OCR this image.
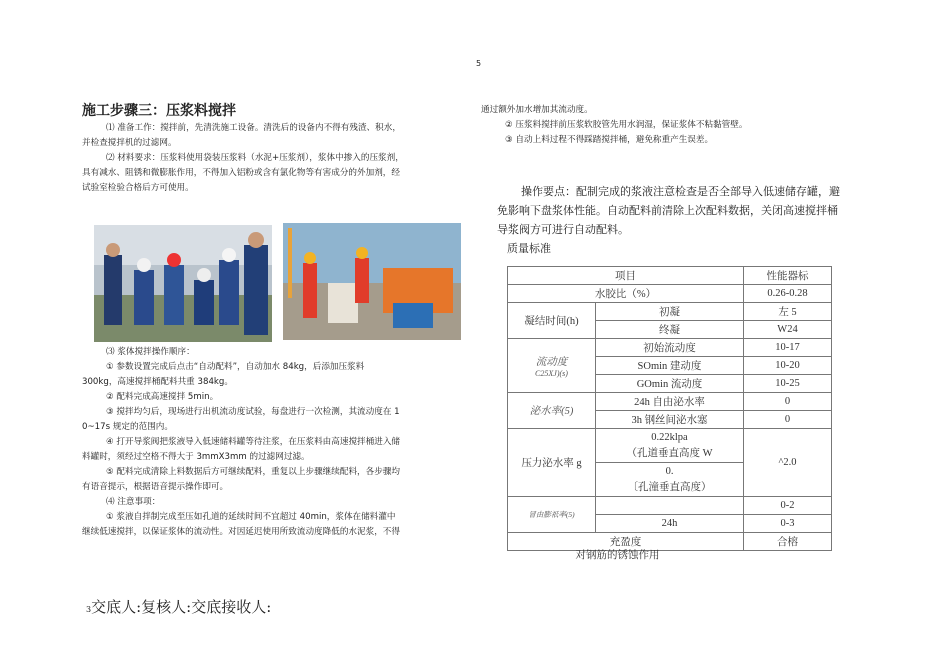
5
施工步骤三：压浆料搅拌

⑴ 准备工作：搅拌前，先清洗施工设备。清洗后的设备内不得有残渣、积水，

并检查搅拌机的过滤网。

⑵ 材料要求：压浆料使用袋装压浆料（水泥+压浆剂），浆体中掺入的压浆剂，

具有减水、阻锈和微膨胀作用，不得加入铝粉或含有氯化物等有害成分的外加剂，经

试验室检验合格后方可使用。

⑶ 浆体搅拌操作顺序：

① 参数设置完成后点击“自动配料”，自动加水 84kg，后添加压浆料

300kg，高速搅拌桶配料共重 384kg。

② 配料完成高速搅拌 5min。

③ 搅拌均匀后，现场进行出机流动度试验，每盘进行一次检测，其流动度在 1

0~17s 规定的范围内。

④ 打开导浆阀把浆液导入低速储料罐等待注浆，在压浆料由高速搅拌桶进入储

料罐时，须经过空格不得大于 3mmX3mm 的过滤网过滤。

⑤ 配料完成清除上料数据后方可继续配料，重复以上步骤继续配料，各步骤均

有语音提示，根据语音提示操作即可。

⑷ 注意事项：

① 浆液自拌制完成至压如孔道的延续时间不宜超过 40min，浆体在储料灌中

继续低速搅拌，以保证浆体的流动性。对因延迟使用所致流动度降低的水泥浆，不得

通过额外加水增加其流动度。

② 压浆料搅拌前压浆软胶管先用水润湿，保证浆体不粘黏管壁。

③ 自动上料过程不得踩踏搅拌桶，避免称重产生误差。

操作要点：配制完成的浆液注意检查是否全部导入低速储存罐，避
免影响下盘浆体性能。自动配料前清除上次配料数据，关闭高速搅拌桶
导浆阀方可进行自动配料。
质量标准
项目		性能器标
水胶比（%）		0.26-0.28
凝结时间(h)	初凝	左 5
	终凝	W24

流动度
C25XJ)(s)	初始流动度	10-17
	SOmin 建动度	10-20
	GOmin 流动度	10-25
泌水率(5)	24h 自由泌水率	0
	3h 钢丝间泌水塞	0
压力泌水率 g	0.22klpa
（孔道垂直高度 W	^2.0

	0.
〔孔潼垂直高度）	

冒由膨祇率(5)		0-2
	24h	0-3
充盈度		合榕
对钢筋的锈蚀作用		
3交底人:复核人:交底接收人:
